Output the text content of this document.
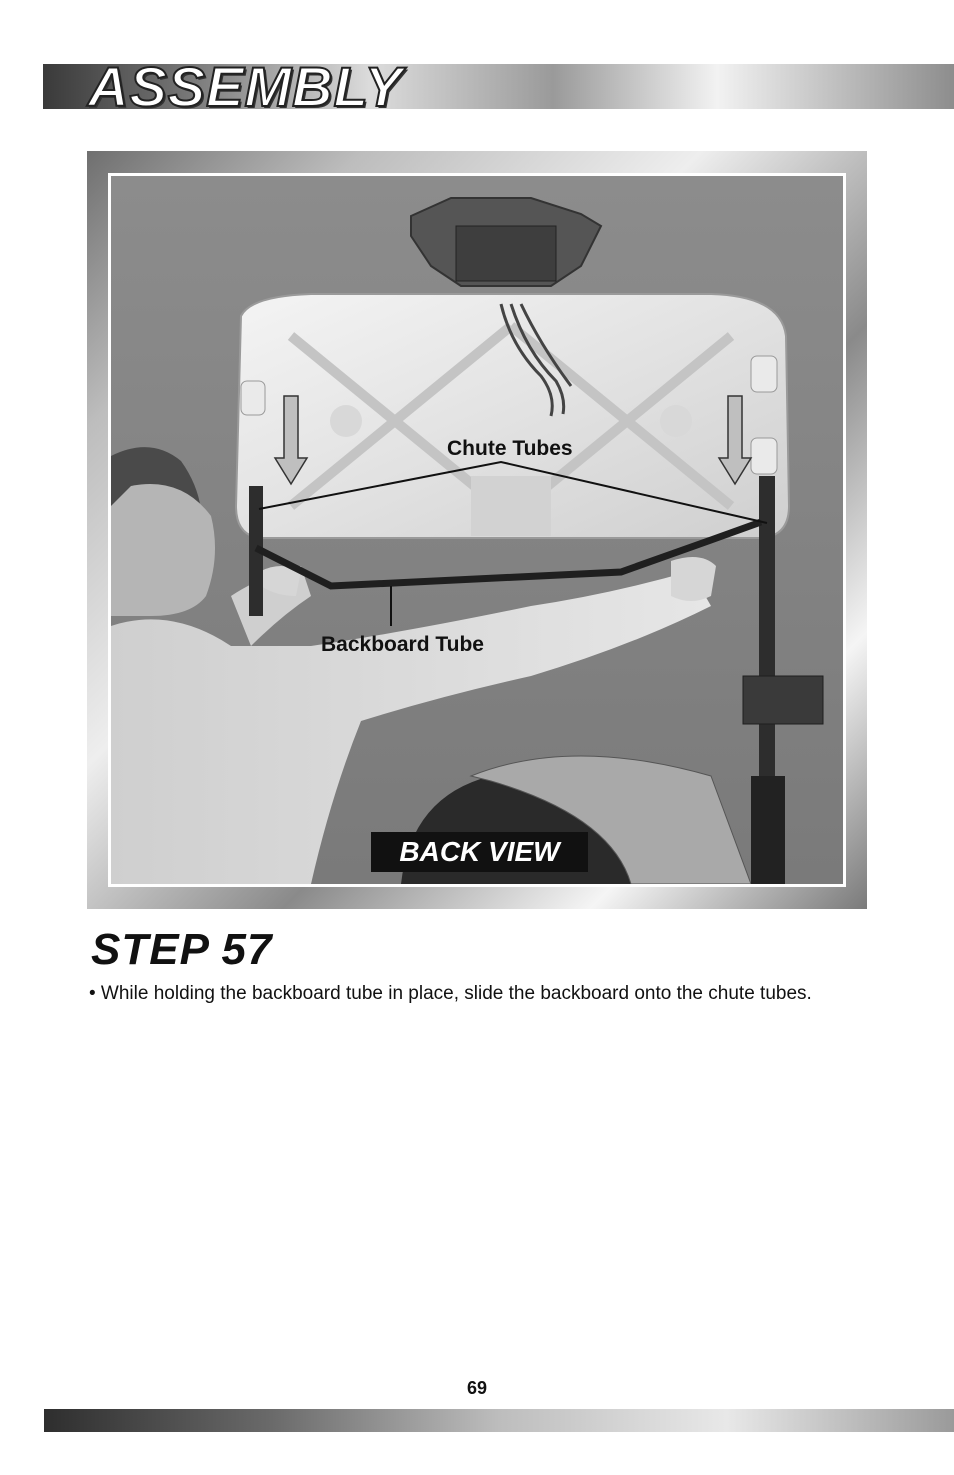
ASSEMBLY
Chute Tubes
Backboard Tube
BACK VIEW
STEP 57
• While holding the backboard tube in place, slide the backboard onto the chute tubes.
69
